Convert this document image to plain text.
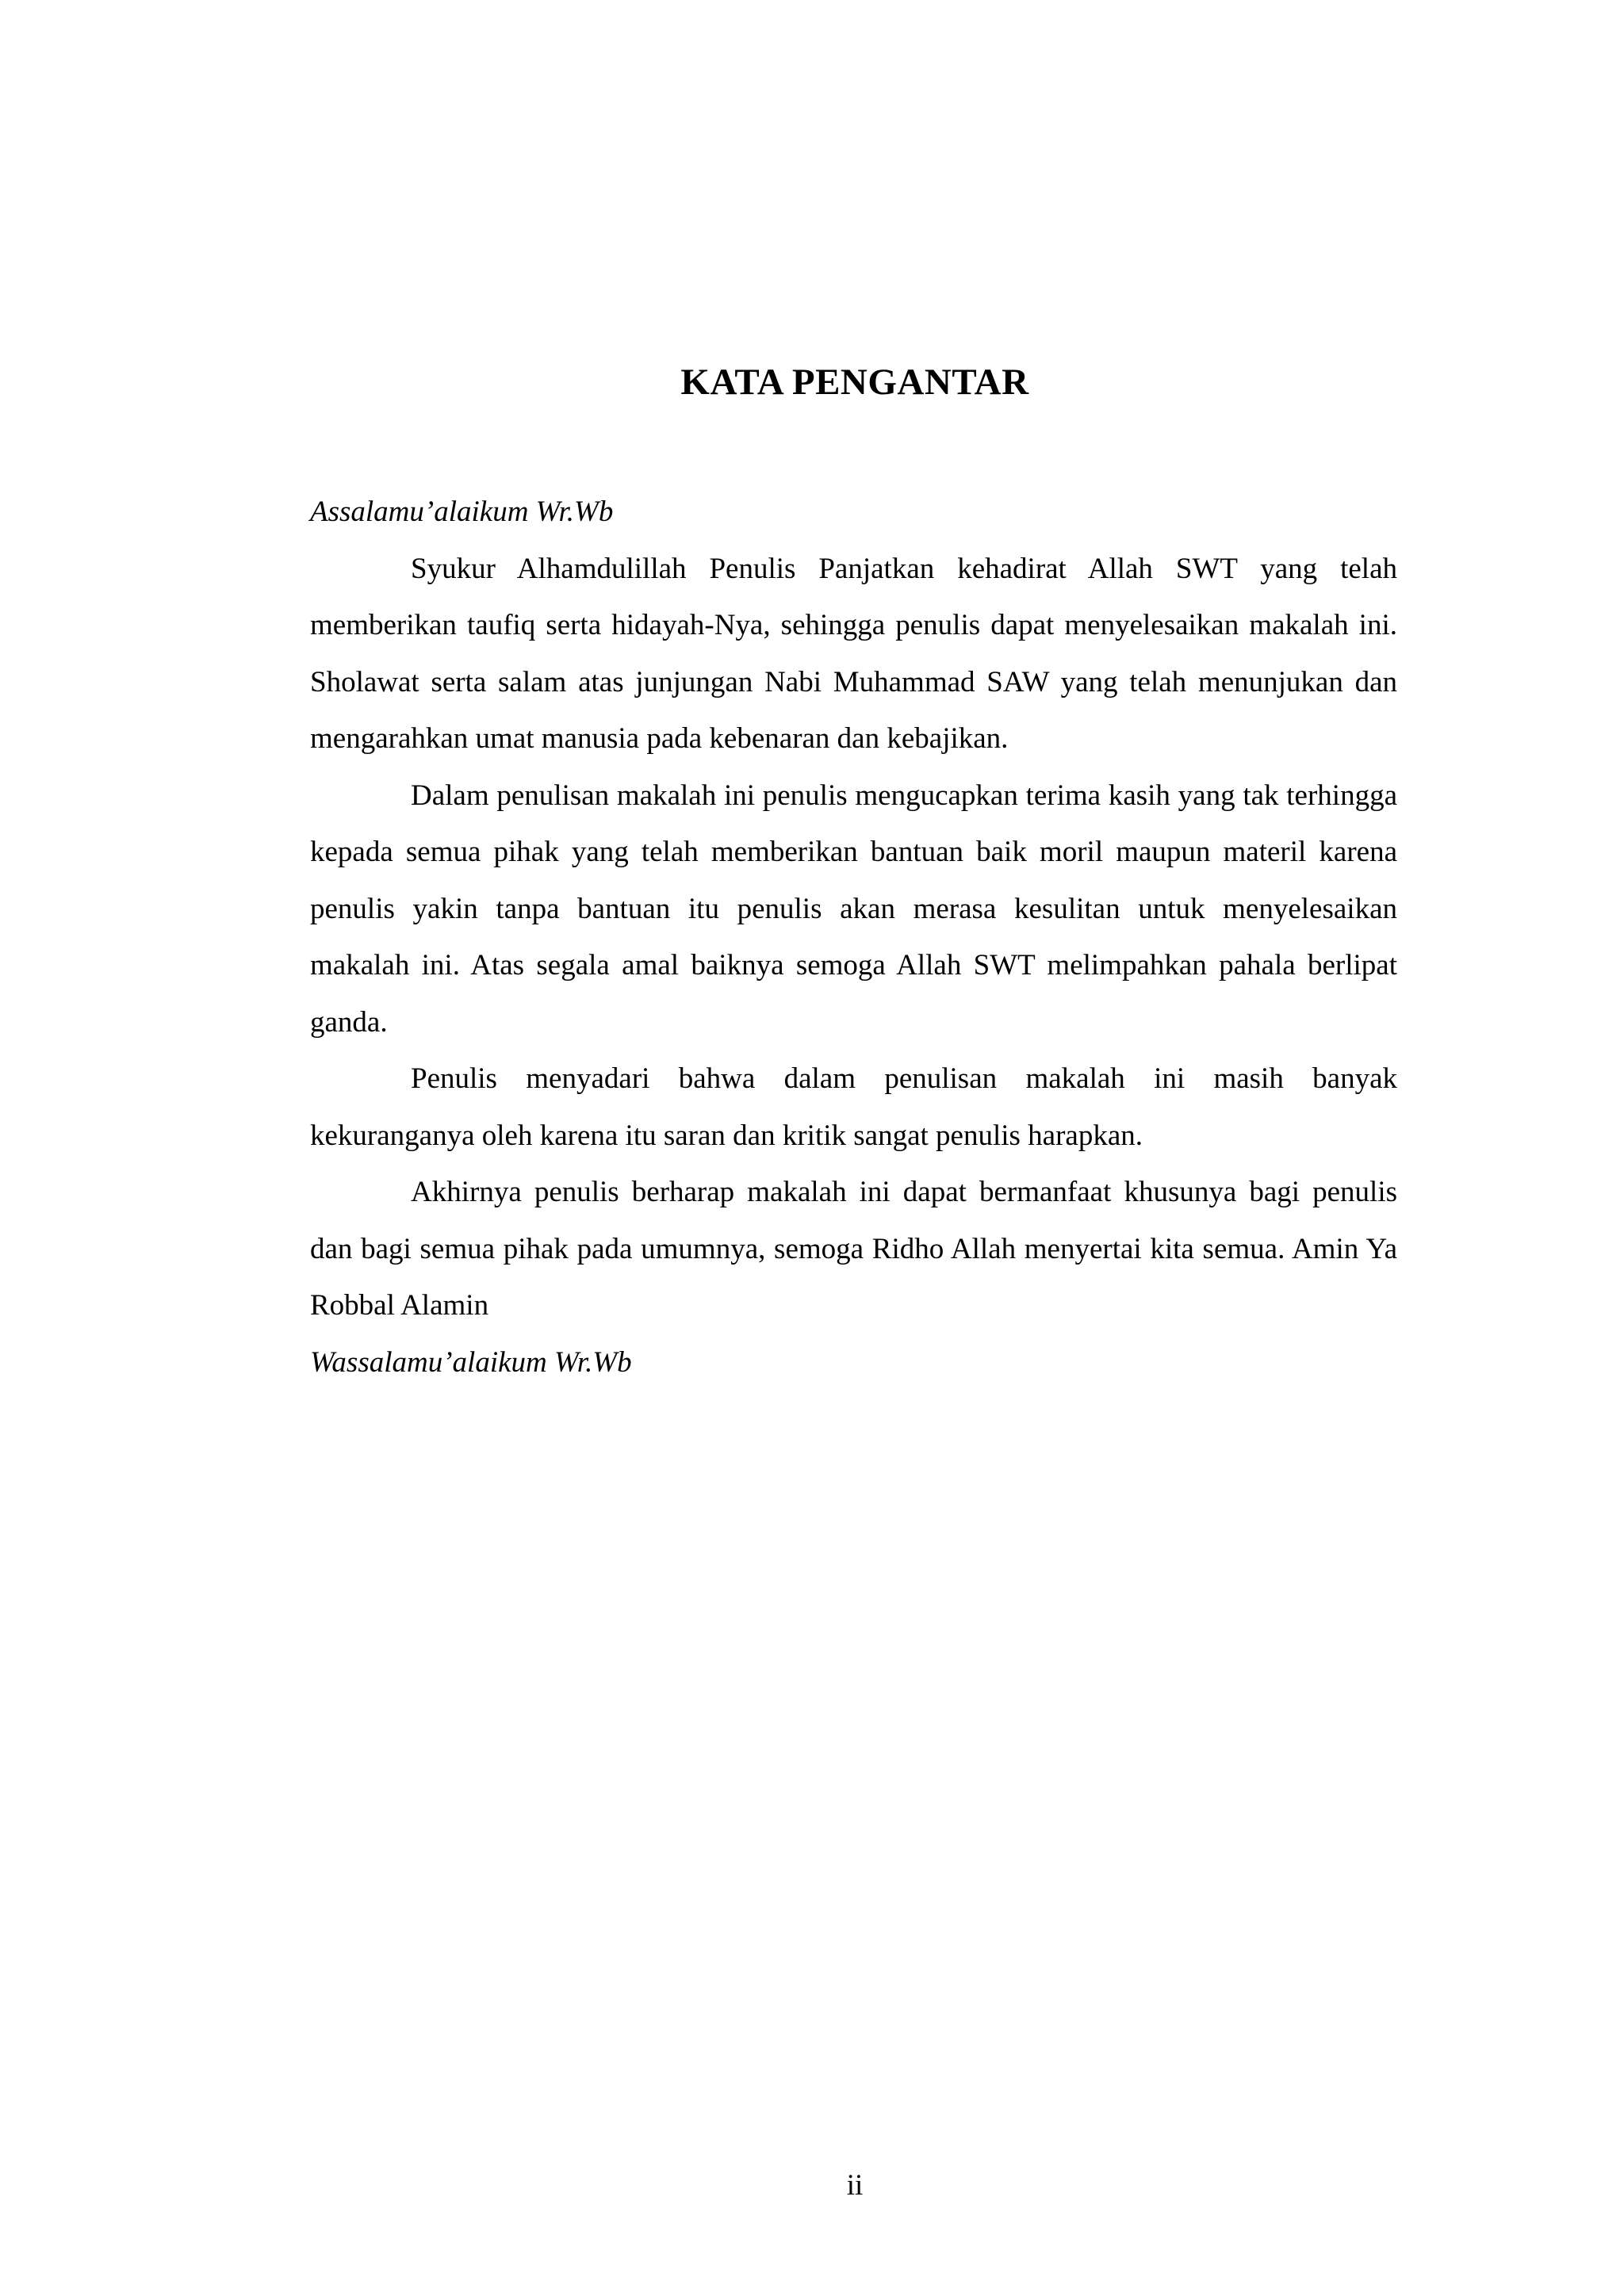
KATA PENGANTAR

Assalamu’alaikum Wr.Wb

Syukur Alhamdulillah Penulis Panjatkan kehadirat Allah SWT yang telah memberikan taufiq serta hidayah-Nya, sehingga penulis dapat menyelesaikan makalah ini. Sholawat serta salam atas junjungan Nabi Muhammad SAW yang telah menunjukan dan mengarahkan umat manusia pada kebenaran dan kebajikan.

Dalam penulisan makalah ini penulis mengucapkan terima kasih yang tak terhingga kepada semua pihak yang telah memberikan bantuan baik moril maupun materil karena penulis yakin tanpa bantuan itu penulis akan merasa kesulitan untuk menyelesaikan makalah ini. Atas segala amal baiknya semoga Allah SWT melimpahkan pahala berlipat ganda.

Penulis menyadari bahwa dalam penulisan makalah ini masih banyak kekuranganya oleh karena itu saran dan kritik sangat penulis harapkan.

Akhirnya penulis berharap makalah ini dapat bermanfaat khusunya bagi penulis dan bagi semua pihak pada umumnya, semoga Ridho Allah menyertai kita semua. Amin Ya Robbal Alamin

Wassalamu’alaikum Wr.Wb

ii
